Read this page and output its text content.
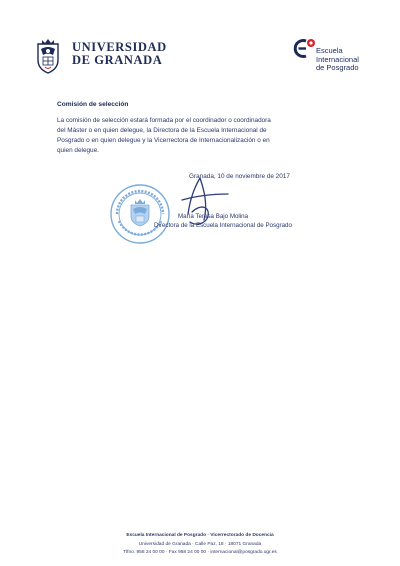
UNIVERSIDAD
DE GRANADA
Escuela
Internacional
de Posgrado
Comisión de selección
La comisión de selección estará formada por el coordinador o coordinadora
del Máster o en quien delegue, la Directora de la Escuela Internacional de
Posgrado o en quien delegue y la Vicerrectora de Internacionalización o en
quien delegue.
Granada, 10 de noviembre de 2017
María Teresa Bajo Molina
Directora de la Escuela Internacional de Posgrado
Escuela Internacional de Posgrado · Vicerrectorado de Docencia
Universidad de Granada · Calle Paz, 18 · 18071 Granada
Tlfno. 958 24 00 00 · Fax 958 24 00 00 · internacional@posgrado.ugr.es
